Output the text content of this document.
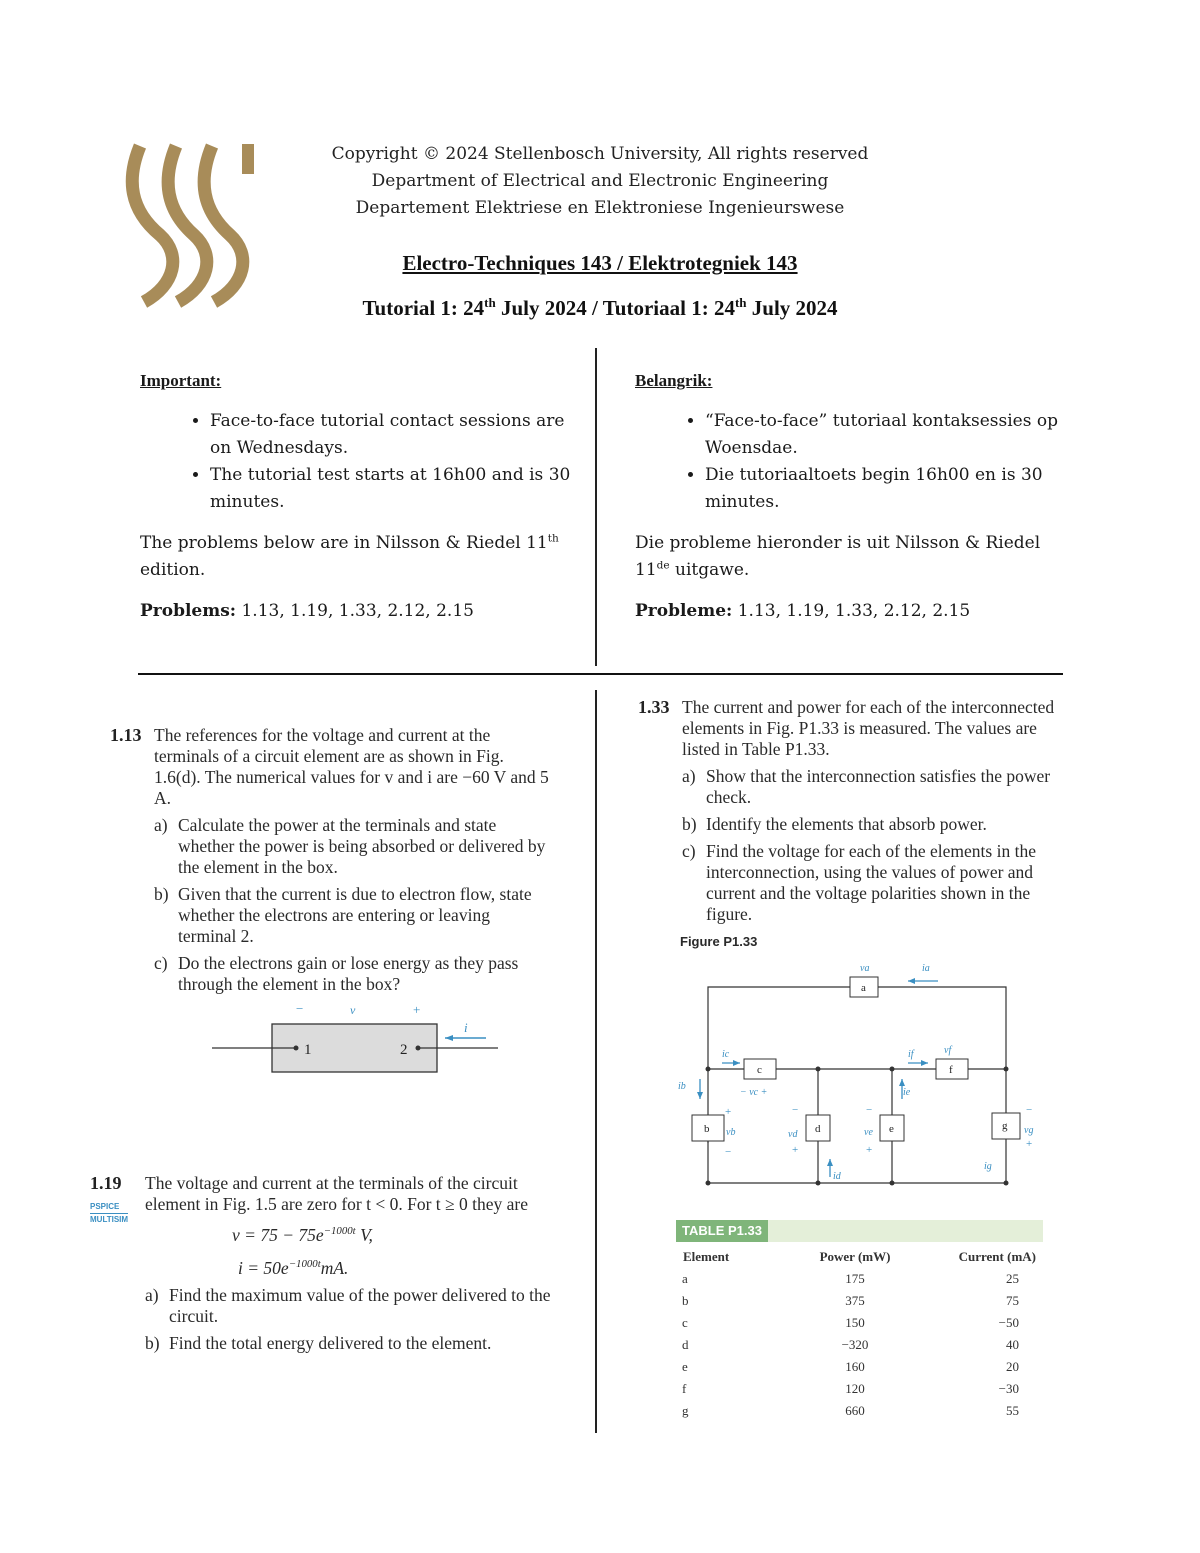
Copyright © 2024 Stellenbosch University, All rights reserved
Department of Electrical and Electronic Engineering
Departement Elektriese en Elektroniese Ingenieurswese
Electro-Techniques 143 / Elektrotegniek 143
Tutorial 1: 24th July 2024 / Tutoriaal 1: 24th July 2024
Important:
• Face-to-face tutorial contact sessions are on Wednesdays.
• The tutorial test starts at 16h00 and is 30 minutes.

The problems below are in Nilsson & Riedel 11th edition.

Problems: 1.13, 1.19, 1.33, 2.12, 2.15

Belangrik:
• “Face-to-face” tutoriaal kontaksessies op Woensdae.
• Die tutoriaaltoets begin 16h00 en is 30 minutes.

Die probleme hieronder is uit Nilsson & Riedel 11de uitgawe.

Probleme: 1.13, 1.19, 1.33, 2.12, 2.15

1.13 The references for the voltage and current at the terminals of a circuit element are as shown in Fig. 1.6(d). The numerical values for v and i are −60 V and 5 A.
a) Calculate the power at the terminals and state whether the power is being absorbed or delivered by the element in the box.
b) Given that the current is due to electron flow, state whether the electrons are entering or leaving terminal 2.
c) Do the electrons gain or lose energy as they pass through the element in the box?
−	v	+
i
1	2
1.19
PSPICE
MULTISIM
The voltage and current at the terminals of the circuit element in Fig. 1.5 are zero for t < 0. For t ≥ 0 they are
$v = 75 - 75e^{-1000t}$ V,
$i = 50e^{-1000t}mA$.
a) Find the maximum value of the power delivered to the circuit.
b) Find the total energy delivered to the element.
1.33 The current and power for each of the interconnected elements in Fig. P1.33 is measured. The values are listed in Table P1.33.
a) Show that the interconnection satisfies the power check.
b) Identify the elements that absorb power.
c) Find the voltage for each of the elements in the interconnection, using the values of power and current and the voltage polarities shown in the figure.
Figure P1.33
a
c	f
b	d	e	g
va	ia
ic
− vc +
ib
vb	vd
id
ve
ie
if	vf
vg
ig
+
−
−
+
−
+
−
+
TABLE P1.33
Element	Power (mW)	Current (mA)
a	175	25
b	375	75
c	150	−50
d	−320	40
e	160	20
f	120	−30
g	660	55
